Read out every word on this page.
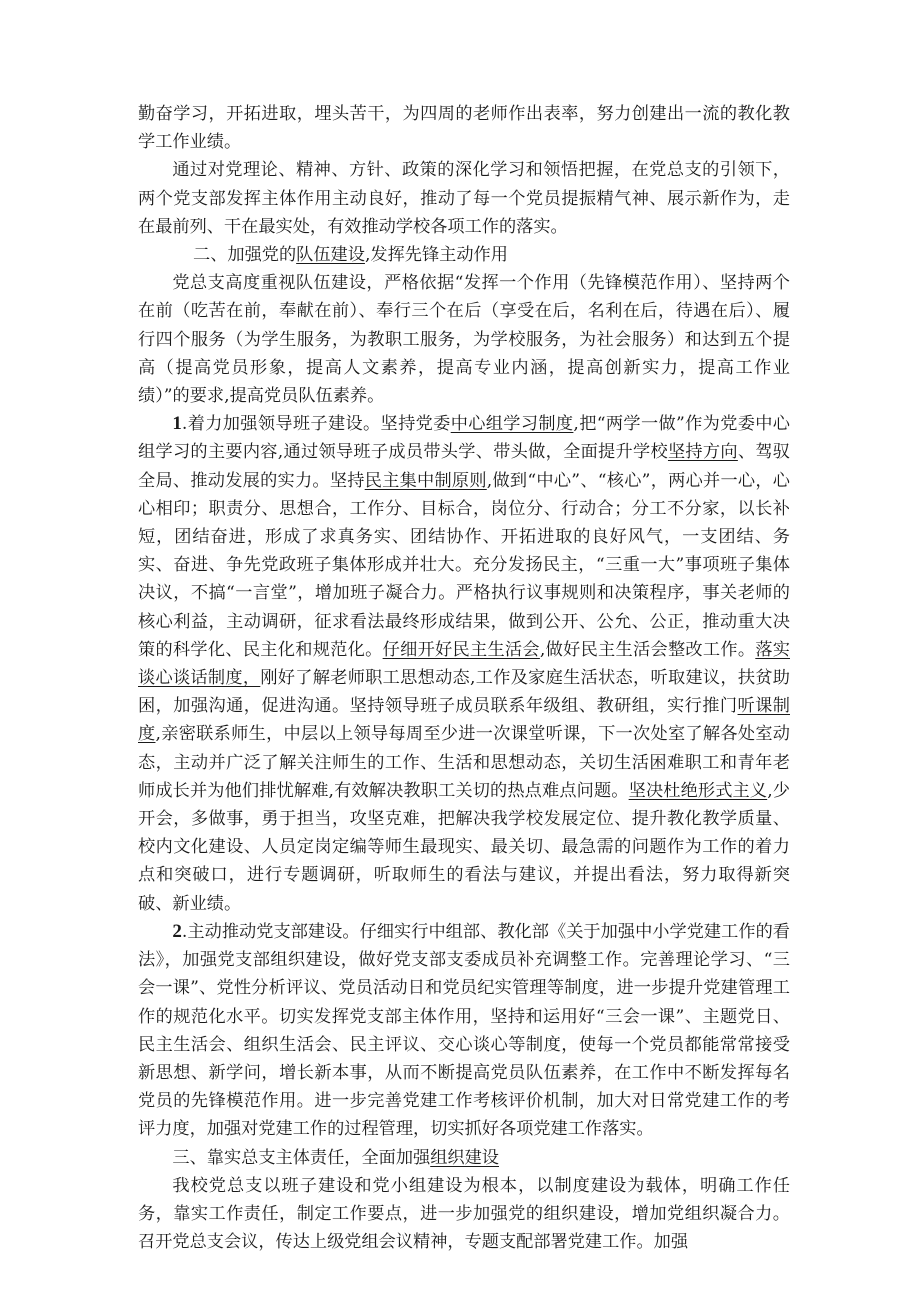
勤奋学习，开拓进取，埋头苦干，为四周的老师作出表率，努力创建出一流的教化教学工作业绩。

通过对党理论、精神、方针、政策的深化学习和领悟把握，在党总支的引领下，两个党支部发挥主体作用主动良好，推动了每一个党员提振精气神、展示新作为，走在最前列、干在最实处，有效推动学校各项工作的落实。

二、加强党的队伍建设,发挥先锋主动作用

党总支高度重视队伍建设，严格依据“发挥一个作用（先锋模范作用）、坚持两个在前（吃苦在前，奉献在前）、奉行三个在后（享受在后，名利在后，待遇在后）、履行四个服务（为学生服务，为教职工服务，为学校服务，为社会服务）和达到五个提高（提高党员形象，提高人文素养，提高专业内涵，提高创新实力，提高工作业绩）”的要求,提高党员队伍素养。

1.着力加强领导班子建设。坚持党委中心组学习制度,把“两学一做”作为党委中心组学习的主要内容,通过领导班子成员带头学、带头做，全面提升学校坚持方向、驾驭全局、推动发展的实力。坚持民主集中制原则,做到“中心”、“核心”，两心并一心，心心相印；职责分、思想合，工作分、目标合，岗位分、行动合；分工不分家，以长补短，团结奋进，形成了求真务实、团结协作、开拓进取的良好风气，一支团结、务实、奋进、争先党政班子集体形成并壮大。充分发扬民主，“三重一大”事项班子集体决议，不搞“一言堂”，增加班子凝合力。严格执行议事规则和决策程序，事关老师的核心利益，主动调研，征求看法最终形成结果，做到公开、公允、公正，推动重大决策的科学化、民主化和规范化。仔细开好民主生活会,做好民主生活会整改工作。落实谈心谈话制度，刚好了解老师职工思想动态,工作及家庭生活状态，听取建议，扶贫助困，加强沟通，促进沟通。坚持领导班子成员联系年级组、教研组，实行推门听课制度,亲密联系师生，中层以上领导每周至少进一次课堂听课，下一次处室了解各处室动态，主动并广泛了解关注师生的工作、生活和思想动态，关切生活困难职工和青年老师成长并为他们排忧解难,有效解决教职工关切的热点难点问题。坚决杜绝形式主义,少开会，多做事，勇于担当，攻坚克难，把解决我学校发展定位、提升教化教学质量、校内文化建设、人员定岗定编等师生最现实、最关切、最急需的问题作为工作的着力点和突破口，进行专题调研，听取师生的看法与建议，并提出看法，努力取得新突破、新业绩。

2.主动推动党支部建设。仔细实行中组部、教化部《关于加强中小学党建工作的看法》，加强党支部组织建设，做好党支部支委成员补充调整工作。完善理论学习、“三会一课”、党性分析评议、党员活动日和党员纪实管理等制度，进一步提升党建管理工作的规范化水平。切实发挥党支部主体作用，坚持和运用好“三会一课”、主题党日、民主生活会、组织生活会、民主评议、交心谈心等制度，使每一个党员都能常常接受新思想、新学问，增长新本事，从而不断提高党员队伍素养，在工作中不断发挥每名党员的先锋模范作用。进一步完善党建工作考核评价机制，加大对日常党建工作的考评力度，加强对党建工作的过程管理，切实抓好各项党建工作落实。

三、靠实总支主体责任，全面加强组织建设

我校党总支以班子建设和党小组建设为根本，以制度建设为载体，明确工作任务，靠实工作责任，制定工作要点，进一步加强党的组织建设，增加党组织凝合力。召开党总支会议，传达上级党组会议精神，专题支配部署党建工作。加强
